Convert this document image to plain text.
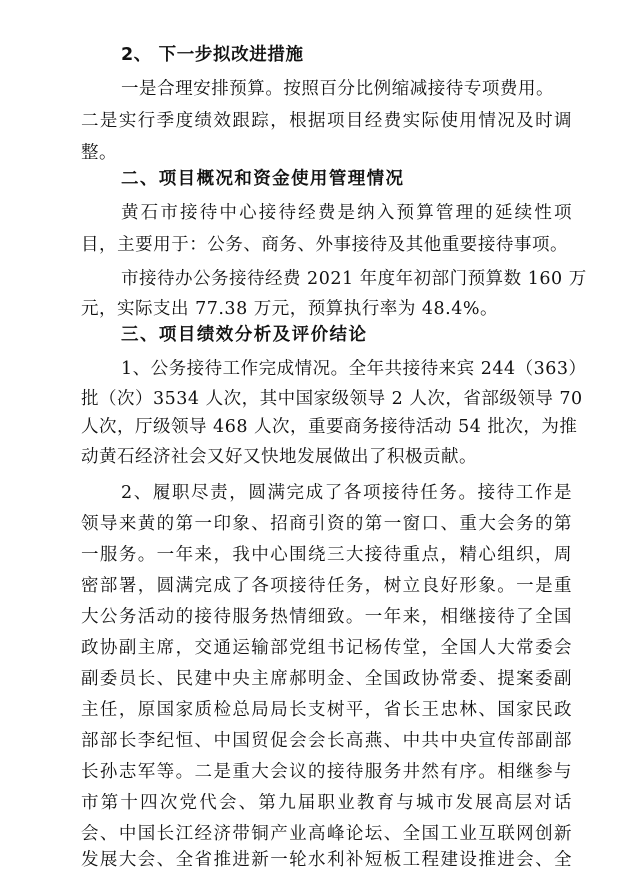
2、 下一步拟改进措施
一是合理安排预算。按照百分比例缩减接待专项费用。
二是实行季度绩效跟踪，根据项目经费实际使用情况及时调
整。
二、项目概况和资金使用管理情况
黄石市接待中心接待经费是纳入预算管理的延续性项
目，主要用于：公务、商务、外事接待及其他重要接待事项。
市接待办公务接待经费 2021 年度年初部门预算数 160 万
元，实际支出 77.38 万元，预算执行率为 48.4%。
三、项目绩效分析及评价结论
1、公务接待工作完成情况。全年共接待来宾 244（363）
批（次）3534 人次，其中国家级领导 2 人次，省部级领导 70
人次，厅级领导 468 人次，重要商务接待活动 54 批次，为推
动黄石经济社会又好又快地发展做出了积极贡献。
2、履职尽责，圆满完成了各项接待任务。接待工作是
领导来黄的第一印象、招商引资的第一窗口、重大会务的第
一服务。一年来，我中心围绕三大接待重点，精心组织，周
密部署，圆满完成了各项接待任务，树立良好形象。一是重
大公务活动的接待服务热情细致。一年来，相继接待了全国
政协副主席，交通运输部党组书记杨传堂，全国人大常委会
副委员长、民建中央主席郝明金、全国政协常委、提案委副
主任，原国家质检总局局长支树平，省长王忠林、国家民政
部部长李纪恒、中国贸促会会长高燕、中共中央宣传部副部
长孙志军等。二是重大会议的接待服务井然有序。相继参与
市第十四次党代会、第九届职业教育与城市发展高层对话
会、中国长江经济带铜产业高峰论坛、全国工业互联网创新
发展大会、全省推进新一轮水利补短板工程建设推进会、全
